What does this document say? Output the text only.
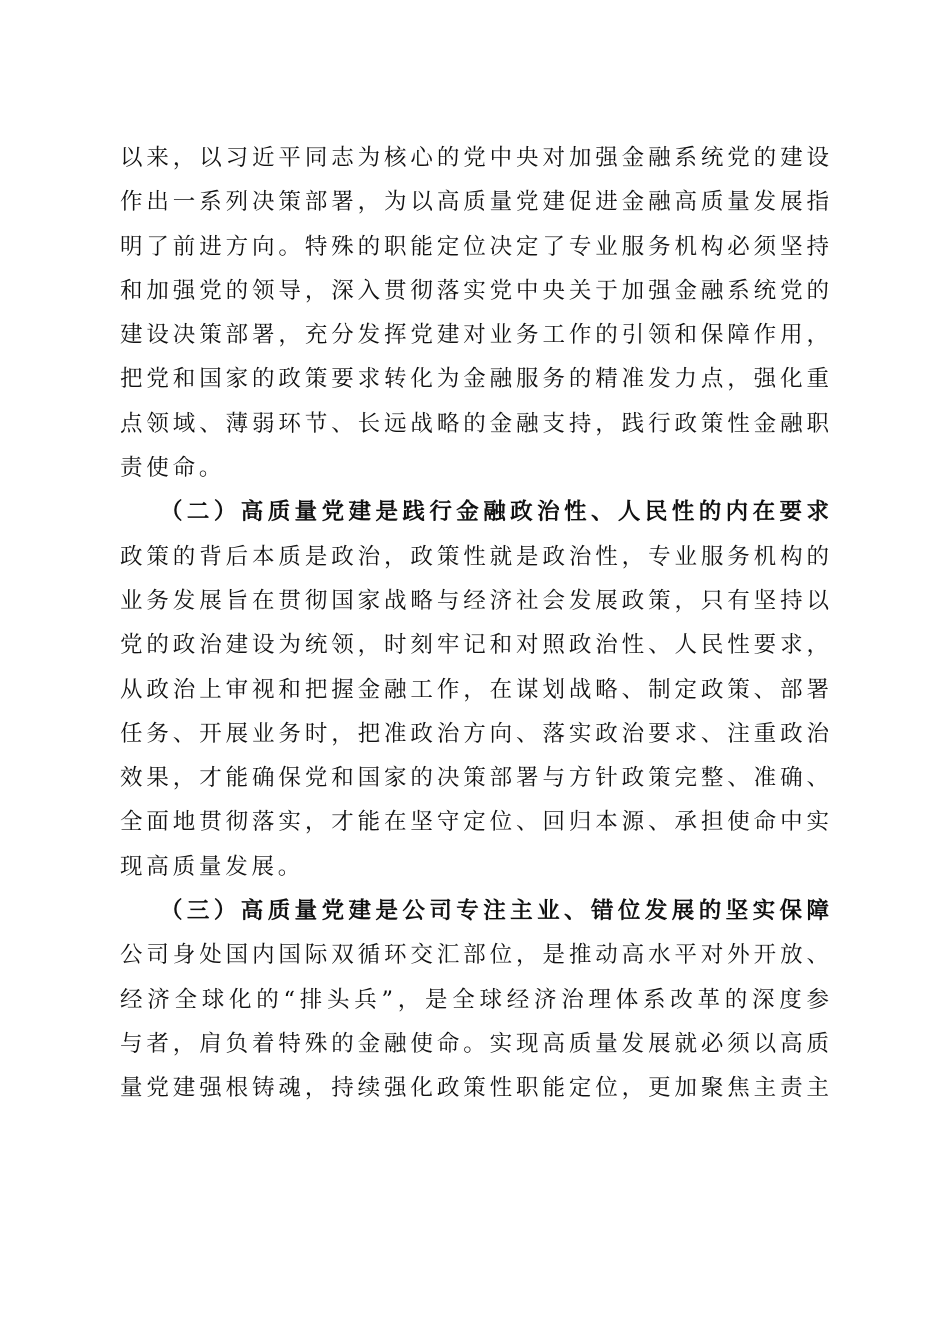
以来，以习近平同志为核心的党中央对加强金融系统党的建设
作出一系列决策部署，为以高质量党建促进金融高质量发展指
明了前进方向。特殊的职能定位决定了专业服务机构必须坚持
和加强党的领导，深入贯彻落实党中央关于加强金融系统党的
建设决策部署，充分发挥党建对业务工作的引领和保障作用，
把党和国家的政策要求转化为金融服务的精准发力点，强化重
点领域、薄弱环节、长远战略的金融支持，践行政策性金融职
责使命。
（二）高质量党建是践行金融政治性、人民性的内在要求
政策的背后本质是政治，政策性就是政治性，专业服务机构的
业务发展旨在贯彻国家战略与经济社会发展政策，只有坚持以
党的政治建设为统领，时刻牢记和对照政治性、人民性要求，
从政治上审视和把握金融工作，在谋划战略、制定政策、部署
任务、开展业务时，把准政治方向、落实政治要求、注重政治
效果，才能确保党和国家的决策部署与方针政策完整、准确、
全面地贯彻落实，才能在坚守定位、回归本源、承担使命中实
现高质量发展。
（三）高质量党建是公司专注主业、错位发展的坚实保障
公司身处国内国际双循环交汇部位，是推动高水平对外开放、
经济全球化的“排头兵”，是全球经济治理体系改革的深度参
与者，肩负着特殊的金融使命。实现高质量发展就必须以高质
量党建强根铸魂，持续强化政策性职能定位，更加聚焦主责主
